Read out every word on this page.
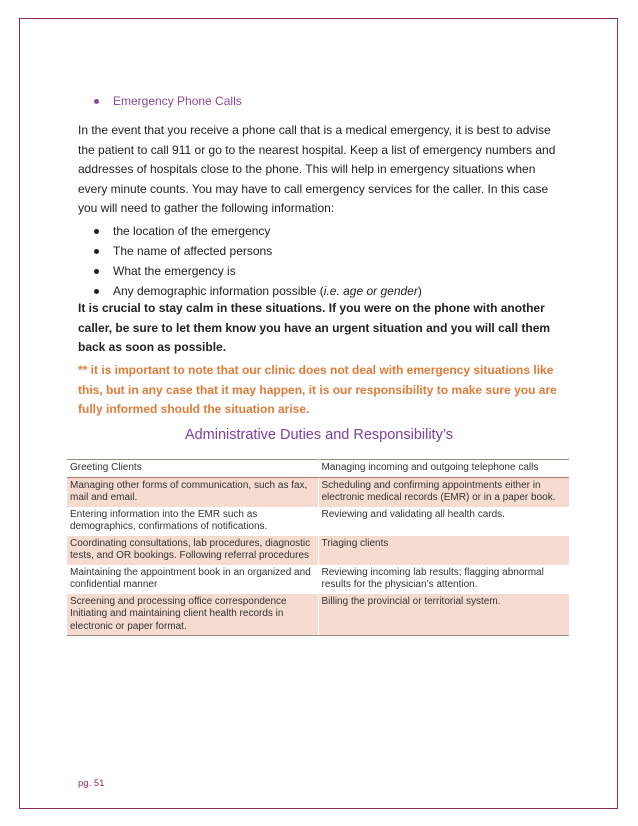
Emergency Phone Calls
In the event that you receive a phone call that is a medical emergency, it is best to advise the patient to call 911 or go to the nearest hospital. Keep a list of emergency numbers and addresses of hospitals close to the phone. This will help in emergency situations when every minute counts. You may have to call emergency services for the caller. In this case you will need to gather the following information:
the location of the emergency
The name of affected persons
What the emergency is
Any demographic information possible ( i.e. age or gender )
It is crucial to stay calm in these situations. If you were on the phone with another caller, be sure to let them know you have an urgent situation and you will call them back as soon as possible.
** it is important to note that our clinic does not deal with emergency situations like this, but in any case that it may happen, it is our responsibility to make sure you are fully informed should the situation arise.
Administrative Duties and Responsibility’s
Greeting Clients	Managing incoming and outgoing telephone calls
Managing other forms of communication, such as fax, mail and email.	Scheduling and confirming appointments either in electronic medical records (EMR) or in a paper book.
Entering information into the EMR such as demographics, confirmations of notifications.	Reviewing and validating all health cards.
Coordinating consultations, lab procedures, diagnostic tests, and OR bookings. Following referral procedures	Triaging clients
Maintaining the appointment book in an organized and confidential manner	Reviewing incoming lab results; flagging abnormal results for the physician’s attention.
Screening and processing office correspondence Initiating and maintaining client health records in electronic or paper format.	Billing the provincial or territorial system.
pg. 51
